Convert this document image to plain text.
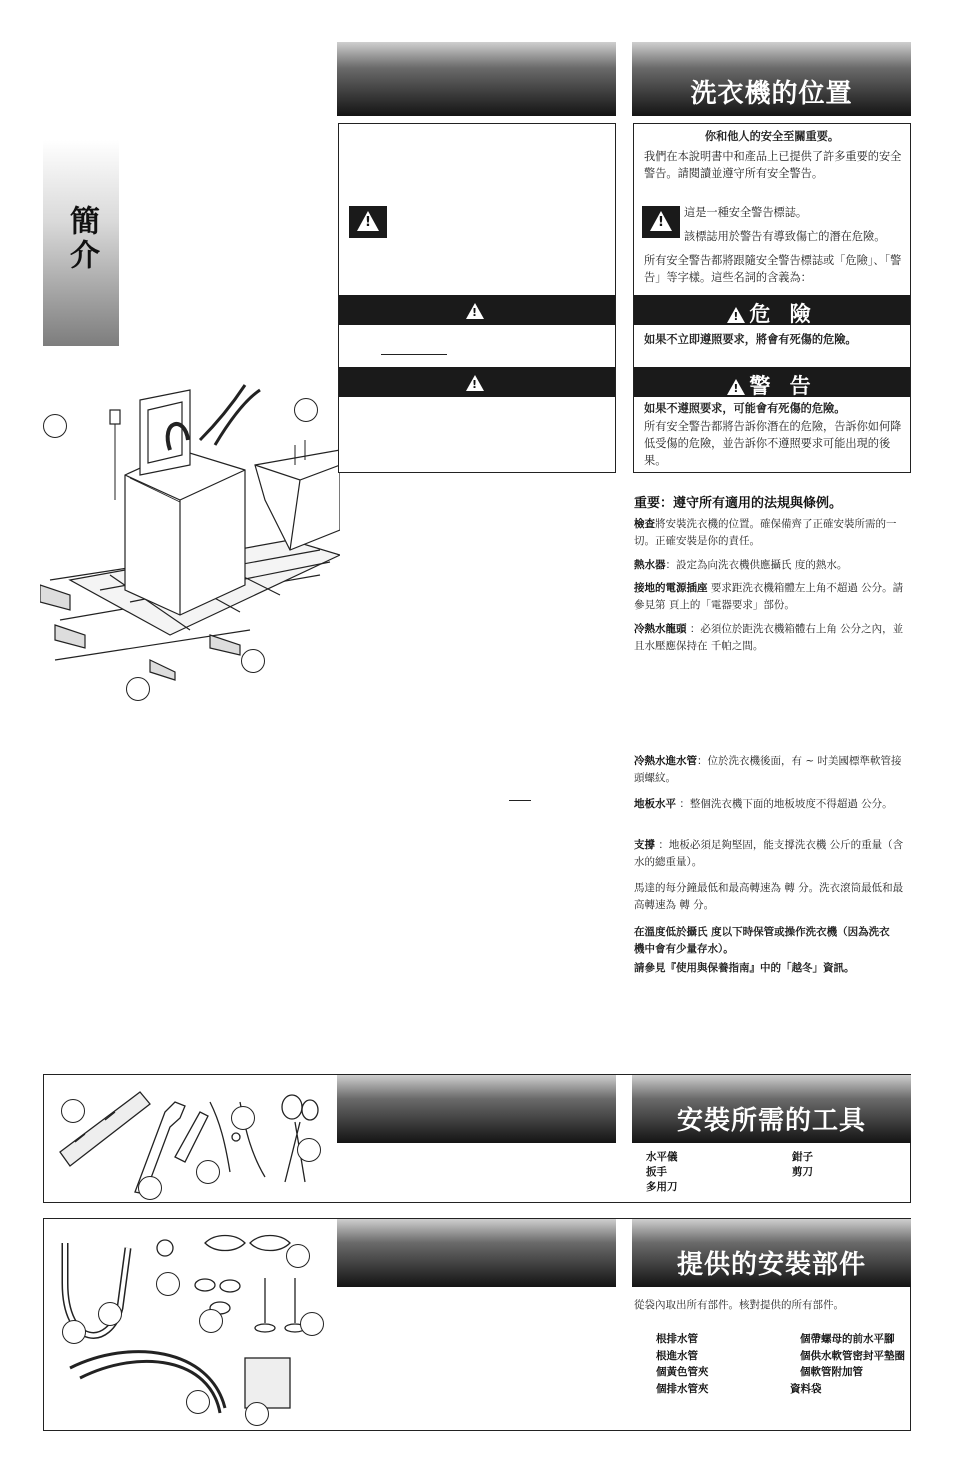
簡介
!
!
!
洗衣機的位置
你和他人的安全至關重要。
我們在本說明書中和產品上已提供了許多重要的安全警告。請閱讀並遵守所有安全警告。
!
這是一種安全警告標誌。
該標誌用於警告有導致傷亡的潛在危險。
所有安全警告都將跟隨安全警告標誌或「危險」、「警告」等字樣。這些名詞的含義為：
!危 險
如果不立即遵照要求，將會有死傷的危險。
!警 告
如果不遵照要求，可能會有死傷的危險。
所有安全警告都將告訴你潛在的危險，告訴你如何降低受傷的危險，並告訴你不遵照要求可能出現的後果。
重要：遵守所有適用的法規與條例。
檢查將安裝洗衣機的位置。確保備齊了正確安裝所需的一切。正確安裝是你的責任。
熱水器：設定為向洗衣機供應攝氏 度的熱水。
接地的電源插座 要求距洗衣機箱體左上角不超過 公分。請參見第 頁上的「電器要求」部份。
冷熱水龍頭 ：必須位於距洗衣機箱體右上角 公分之內，並且水壓應保持在 千帕之間。
冷熱水進水管：位於洗衣機後面，有 ~ 吋美國標準軟管接頭螺紋。
地板水平 ：整個洗衣機下面的地板坡度不得超過 公分。
支撐 ：地板必須足夠堅固，能支撐洗衣機 公斤的重量（含水的總重量）。
馬達的每分鐘最低和最高轉速為 轉 分。洗衣滾筒最低和最高轉速為 轉 分。
在溫度低於攝氏 度以下時保管或操作洗衣機（因為洗衣機中會有少量存水）。
請參見『使用與保養指南』中的「越冬」資訊。
安裝所需的工具
水平儀
扳手
多用刀
鉗子
剪刀
提供的安裝部件
從袋內取出所有部件。核對提供的所有部件。
根排水管
根進水管
個黃色管夾
個排水管夾
個帶螺母的前水平腳
個供水軟管密封平墊圈
個軟管附加管
資料袋
